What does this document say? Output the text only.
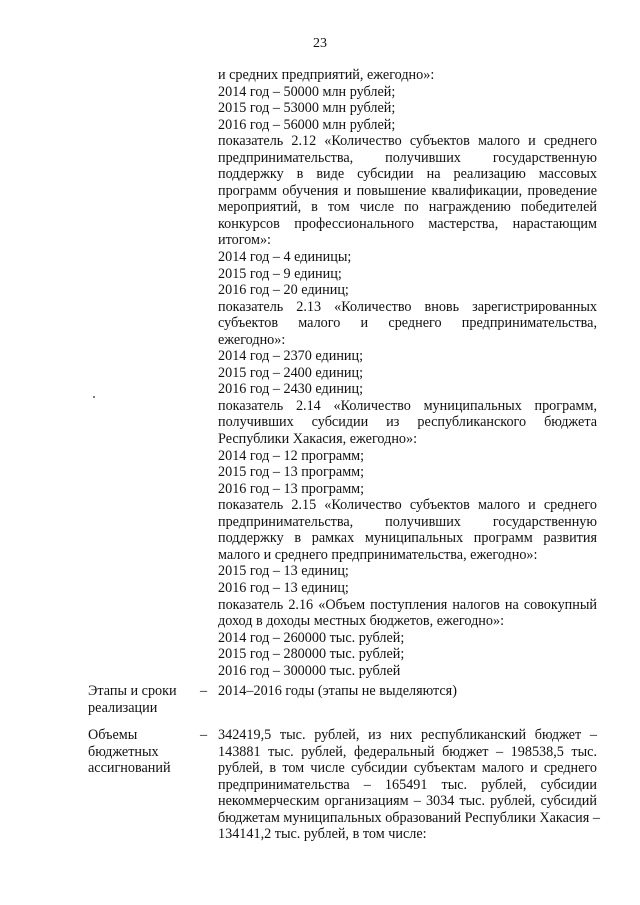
23
и средних предприятий, ежегодно»:
2014 год – 50000 млн рублей;
2015 год – 53000 млн рублей;
2016 год – 56000 млн рублей;
показатель 2.12 «Количество субъектов малого и среднего
предпринимательства, получивших государственную
поддержку в виде субсидии на реализацию массовых
программ обучения и повышение квалификации, проведение
мероприятий, в том числе по награждению победителей
конкурсов профессионального мастерства, нарастающим
итогом»:
2014 год – 4 единицы;
2015 год – 9 единиц;
2016 год – 20 единиц;
показатель 2.13 «Количество вновь зарегистрированных
субъектов малого и среднего предпринимательства,
ежегодно»:
2014 год – 2370 единиц;
2015 год – 2400 единиц;
2016 год – 2430 единиц;
показатель 2.14 «Количество муниципальных программ,
получивших субсидии из республиканского бюджета
Республики Хакасия, ежегодно»:
2014 год – 12 программ;
2015 год – 13 программ;
2016 год – 13 программ;
показатель 2.15 «Количество субъектов малого и среднего
предпринимательства, получивших государственную
поддержку в рамках муниципальных программ развития
малого и среднего предпринимательства, ежегодно»:
2015 год – 13 единиц;
2016 год – 13 единиц;
показатель 2.16 «Объем поступления налогов на совокупный
доход в доходы местных бюджетов, ежегодно»:
2014 год – 260000 тыс. рублей;
2015 год – 280000 тыс. рублей;
2016 год – 300000 тыс. рублей
Этапы и сроки
реализации
– 2014–2016 годы (этапы не выделяются)
Объемы
бюджетных
ассигнований
– 342419,5 тыс. рублей, из них республиканский бюджет –
143881 тыс. рублей, федеральный бюджет – 198538,5 тыс.
рублей, в том числе субсидии субъектам малого и среднего
предпринимательства – 165491 тыс. рублей, субсидии
некоммерческим организациям – 3034 тыс. рублей, субсидий
бюджетам муниципальных образований Республики Хакасия –
134141,2 тыс. рублей, в том числе:
